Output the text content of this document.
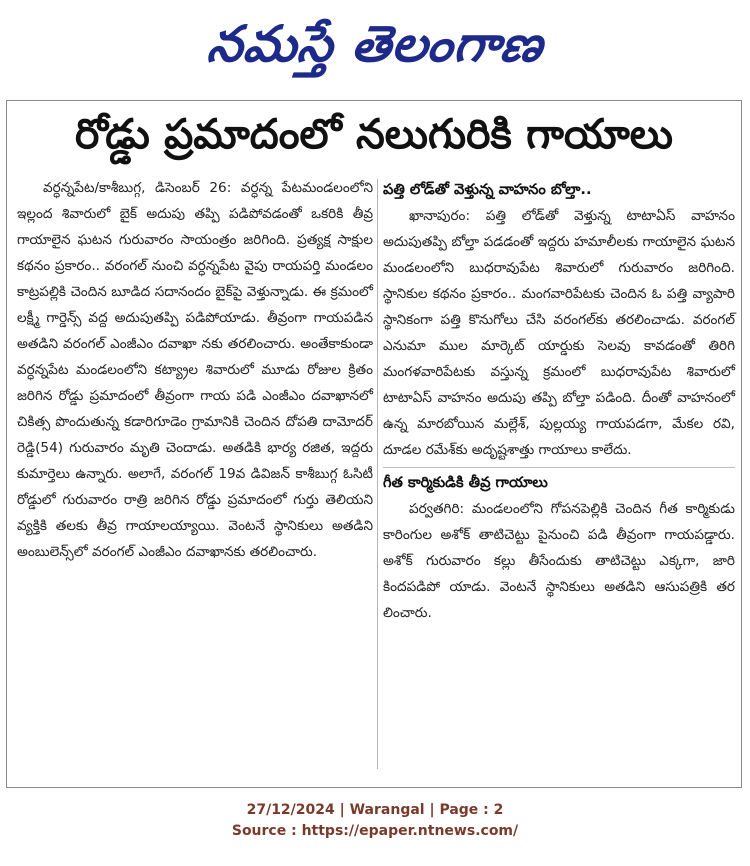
నమస్తే తెలంగాణ
రోడ్డు ప్రమాదంలో నలుగురికి గాయాలు

వర్ధన్నపేట/కాశీబుగ్గ, డిసెంబర్ 26: వర్ధన్న పేటమండలంలోని ఇల్లంద శివారులో బైక్ అదుపు తప్పి పడిపోవడంతో ఒకరికి తీవ్ర గాయాలైన ఘటన గురువారం సాయంత్రం జరిగింది. ప్రత్యక్ష సాక్షుల కథనం ప్రకారం.. వరంగల్ నుంచి వర్ధన్నపేట వైపు రాయపర్తి మండలం కాట్రపల్లికి చెందిన బూడిద సదానందం బైక్‌పై వెళ్తున్నాడు. ఈ క్రమంలో లక్ష్మీ గార్డెన్స్ వద్ద అదుపుతప్పి పడిపోయాడు. తీవ్రంగా గాయపడిన అతడిని వరంగల్ ఎంజీఎం దవాఖా నకు తరలించారు. అంతేకాకుండా వర్ధన్నపేట మండలంలోని కట్య్రాల శివారులో మూడు రోజుల క్రితం జరిగిన రోడ్డు ప్రమాదంలో తీవ్రంగా గాయ పడి ఎంజీఎం దవాఖానలో చికిత్స పొందుతున్న కడారిగూడెం గ్రామానికి చెందిన దోపతి దామోదర్ రెడ్డి(54) గురువారం మృతి చెందాడు. అతడికి భార్య రజిత, ఇద్దరు కుమార్తెలు ఉన్నారు. అలాగే, వరంగల్ 19వ డివిజన్ కాశీబుగ్గ ఓసిటీ రోడ్డులో గురువారం రాత్రి జరిగిన రోడ్డు ప్రమాదంలో గుర్తు తెలియని వ్యక్తికి తలకు తీవ్ర గాయాలయ్యాయి. వెంటనే స్థానికులు అతడిని అంబులెన్స్‌లో వరంగల్ ఎంజీఎం దవాఖానకు తరలించారు.

పత్తి లోడ్‌తో వెళ్తున్న వాహనం బోల్తా..

ఖానాపురం: పత్తి లోడ్‌తో వెళ్తున్న టాటాఏస్ వాహనం అదుపుతప్పి బోల్తా పడడంతో ఇద్దరు హమాలీలకు గాయాలైన ఘటన మండలంలోని బుధరావుపేట శివారులో గురువారం జరిగింది. స్థానికుల కథనం ప్రకారం.. మంగవారిపేటకు చెందిన ఓ పత్తి వ్యాపారి స్థానికంగా పత్తి కొనుగోలు చేసి వరంగల్‌కు తరలించాడు. వరంగల్ ఎనుమా ముల మార్కెట్ యార్డుకు సెలవు కావడంతో తిరిగి మంగళవారిపేటకు వస్తున్న క్రమంలో బుధరావుపేట శివారులో టాటాఏస్ వాహనం అదుపు తప్పి బోల్తా పడింది. దీంతో వాహనంలో ఉన్న మారబోయిన మల్లేశ్, పుల్లయ్య గాయపడగా, మేకల రవి, దూడల రమేశ్‌కు అదృష్టశాత్తు గాయాలు కాలేదు.

గీత కార్మికుడికి తీవ్ర గాయాలు

పర్వతగిరి: మండలంలోని గోపనపెల్లికి చెందిన గీత కార్మికుడు కారింగుల అశోక్ తాటిచెట్టు పైనుంచి పడి తీవ్రంగా గాయపడ్డారు. అశోక్ గురువారం కల్లు తీసేందుకు తాటిచెట్టు ఎక్కగా, జారి కిందపడిపో యాడు. వెంటనే స్థానికులు అతడిని ఆసుపత్రికి తర లించారు.

27/12/2024 | Warangal | Page : 2
Source : https://epaper.ntnews.com/
